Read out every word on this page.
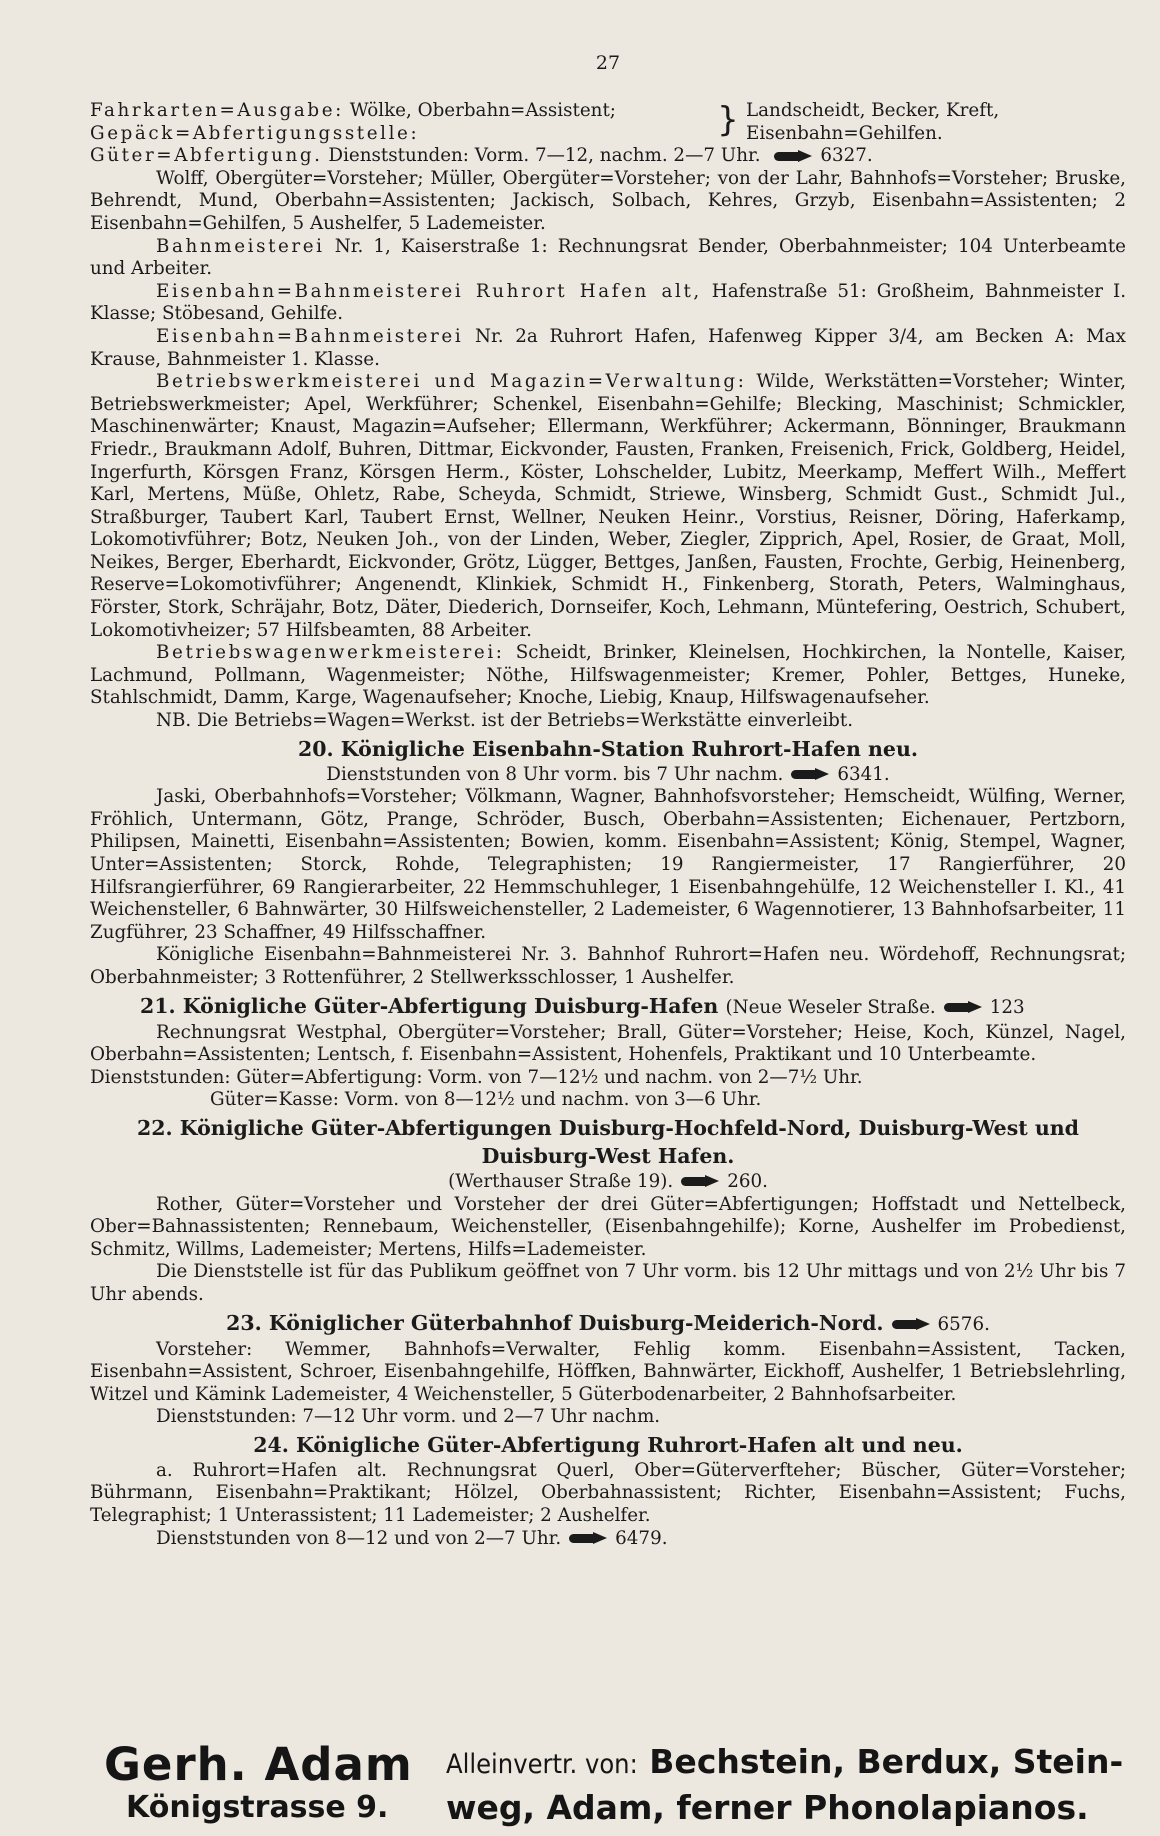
27
Fahrkarten=Ausgabe: Wölke, Oberbahn=Assistent;
Gepäck=Abfertigungsstelle:	} Landscheidt, Becker, Kreft,
Eisenbahn=Gehilfen.

Güter=Abfertigung. Dienststunden: Vorm. 7—12, nachm. 2—7 Uhr.	6327.

Wolff, Obergüter=Vorsteher; Müller, Obergüter=Vorsteher; von der Lahr, Bahnhofs=Vorsteher; Bruske, Behrendt, Mund, Oberbahn=Assistenten; Jackisch, Solbach, Kehres, Grzyb, Eisenbahn=Assistenten; 2 Eisenbahn=Gehilfen, 5 Aushelfer, 5 Lademeister.

Bahnmeisterei Nr. 1, Kaiserstraße 1: Rechnungsrat Bender, Oberbahnmeister; 104 Unterbeamte und Arbeiter.

Eisenbahn=Bahnmeisterei Ruhrort Hafen alt, Hafenstraße 51: Großheim, Bahnmeister I. Klasse; Stöbesand, Gehilfe.

Eisenbahn=Bahnmeisterei Nr. 2a Ruhrort Hafen, Hafenweg Kipper 3/4, am Becken A: Max Krause, Bahnmeister 1. Klasse.

Betriebswerkmeisterei und Magazin=Verwaltung: Wilde, Werkstätten=Vorsteher; Winter, Betriebswerkmeister; Apel, Werkführer; Schenkel, Eisenbahn=Gehilfe; Blecking, Maschinist; Schmickler, Maschinenwärter; Knaust, Magazin=Aufseher; Ellermann, Werkführer; Ackermann, Bönninger, Braukmann Friedr., Braukmann Adolf, Buhren, Dittmar, Eickvonder, Fausten, Franken, Freisenich, Frick, Goldberg, Heidel, Ingerfurth, Körsgen Franz, Körsgen Herm., Köster, Lohschelder, Lubitz, Meerkamp, Meffert Wilh., Meffert Karl, Mertens, Müße, Ohletz, Rabe, Scheyda, Schmidt, Striewe, Winsberg, Schmidt Gust., Schmidt Jul., Straßburger, Taubert Karl, Taubert Ernst, Wellner, Neuken Heinr., Vorstius, Reisner, Döring, Haferkamp, Lokomotivführer; Botz, Neuken Joh., von der Linden, Weber, Ziegler, Zipprich, Apel, Rosier, de Graat, Moll, Neikes, Berger, Eberhardt, Eickvonder, Grötz, Lügger, Bettges, Janßen, Fausten, Frochte, Gerbig, Heinenberg, Reserve=Lokomotivführer; Angenendt, Klinkiek, Schmidt H., Finkenberg, Storath, Peters, Walminghaus, Förster, Stork, Schräjahr, Botz, Däter, Diederich, Dornseifer, Koch, Lehmann, Müntefering, Oestrich, Schubert, Lokomotivheizer; 57 Hilfsbeamten, 88 Arbeiter.

Betriebswagenwerkmeisterei: Scheidt, Brinker, Kleinelsen, Hochkirchen, la Nontelle, Kaiser, Lachmund, Pollmann, Wagenmeister; Nöthe, Hilfswagenmeister; Kremer, Pohler, Bettges, Huneke, Stahlschmidt, Damm, Karge, Wagenaufseher; Knoche, Liebig, Knaup, Hilfswagenaufseher.

NB. Die Betriebs=Wagen=Werkst. ist der Betriebs=Werkstätte einverleibt.

20. Königliche Eisenbahn-Station Ruhrort-Hafen neu.

Dienststunden von 8 Uhr vorm. bis 7 Uhr nachm.	6341.

Jaski, Oberbahnhofs=Vorsteher; Völkmann, Wagner, Bahnhofsvorsteher; Hemscheidt, Wülfing, Werner, Fröhlich, Untermann, Götz, Prange, Schröder, Busch, Oberbahn=Assistenten; Eichenauer, Pertzborn, Philipsen, Mainetti, Eisenbahn=Assistenten; Bowien, komm. Eisenbahn=Assistent; König, Stempel, Wagner, Unter=Assistenten; Storck, Rohde, Telegraphisten; 19 Rangiermeister, 17 Rangierführer, 20 Hilfsrangierführer, 69 Rangierarbeiter, 22 Hemmschuhleger, 1 Eisenbahngehülfe, 12 Weichensteller I. Kl., 41 Weichensteller, 6 Bahnwärter, 30 Hilfsweichensteller, 2 Lademeister, 6 Wagennotierer, 13 Bahnhofsarbeiter, 11 Zugführer, 23 Schaffner, 49 Hilfsschaffner.

Königliche Eisenbahn=Bahnmeisterei Nr. 3. Bahnhof Ruhrort=Hafen neu. Wördehoff, Rechnungsrat; Oberbahnmeister; 3 Rottenführer, 2 Stellwerksschlosser, 1 Aushelfer.

21. Königliche Güter-Abfertigung Duisburg-Hafen (Neue Weseler Straße.	123

Rechnungsrat Westphal, Obergüter=Vorsteher; Brall, Güter=Vorsteher; Heise, Koch, Künzel, Nagel, Oberbahn=Assistenten; Lentsch, f. Eisenbahn=Assistent, Hohenfels, Praktikant und 10 Unterbeamte.

Dienststunden: Güter=Abfertigung: Vorm. von 7—12½ und nachm. von 2—7½ Uhr.

Güter=Kasse: Vorm. von 8—12½ und nachm. von 3—6 Uhr.

22. Königliche Güter-Abfertigungen Duisburg-Hochfeld-Nord, Duisburg-West und
Duisburg-West Hafen.

(Werthauser Straße 19).	260.

Rother, Güter=Vorsteher und Vorsteher der drei Güter=Abfertigungen; Hoffstadt und Nettelbeck, Ober=Bahnassistenten; Rennebaum, Weichensteller, (Eisenbahngehilfe); Korne, Aushelfer im Probedienst, Schmitz, Willms, Lademeister; Mertens, Hilfs=Lademeister.

Die Dienststelle ist für das Publikum geöffnet von 7 Uhr vorm. bis 12 Uhr mittags und von 2½ Uhr bis 7 Uhr abends.

23. Königlicher Güterbahnhof Duisburg-Meiderich-Nord.	6576.

Vorsteher: Wemmer, Bahnhofs=Verwalter, Fehlig komm. Eisenbahn=Assistent, Tacken, Eisenbahn=Assistent, Schroer, Eisenbahngehilfe, Höffken, Bahnwärter, Eickhoff, Aushelfer, 1 Betriebslehrling, Witzel und Kämink Lademeister, 4 Weichensteller, 5 Güterbodenarbeiter, 2 Bahnhofsarbeiter.

Dienststunden: 7—12 Uhr vorm. und 2—7 Uhr nachm.

24. Königliche Güter-Abfertigung Ruhrort-Hafen alt und neu.

a. Ruhrort=Hafen alt. Rechnungsrat Querl, Ober=Güterverfteher; Büscher, Güter=Vorsteher; Bührmann, Eisenbahn=Praktikant; Hölzel, Oberbahnassistent; Richter, Eisenbahn=Assistent; Fuchs, Telegraphist; 1 Unterassistent; 11 Lademeister; 2 Aushelfer.

Dienststunden von 8—12 und von 2—7 Uhr.	6479.

Gerh. Adam
Königstrasse 9.
Alleinvertr. von: Bechstein, Berdux, Stein-
weg, Adam, ferner Phonolapianos.
